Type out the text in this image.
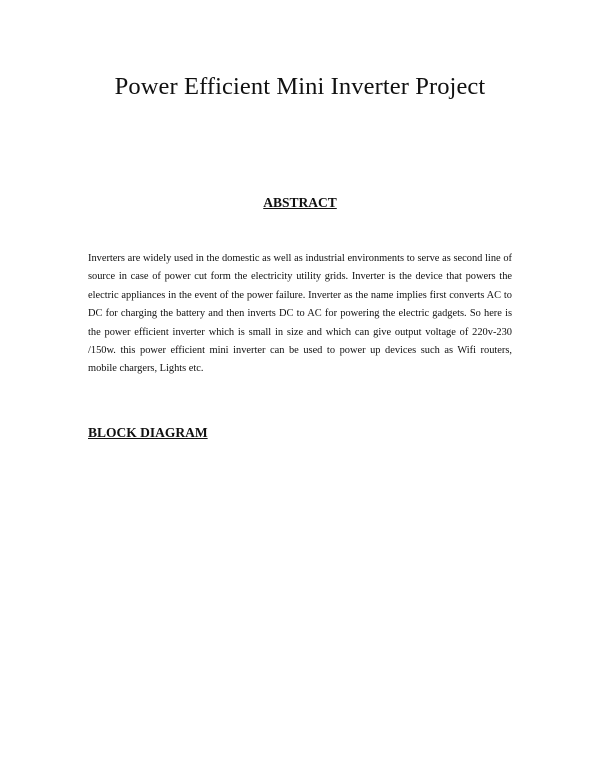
Power Efficient Mini Inverter Project
ABSTRACT

Inverters are widely used in the domestic as well as industrial environments to serve as second line of source in case of power cut form the electricity utility grids. Inverter is the device that powers the electric appliances in the event of the power failure. Inverter as the name implies first converts AC to DC for charging the battery and then inverts DC to AC for powering the electric gadgets. So here is the power efficient inverter which is small in size and which can give output voltage of 220v-230 /150w. this power efficient mini inverter can be used to power up devices such as Wifi routers, mobile chargers, Lights etc.

BLOCK DIAGRAM
